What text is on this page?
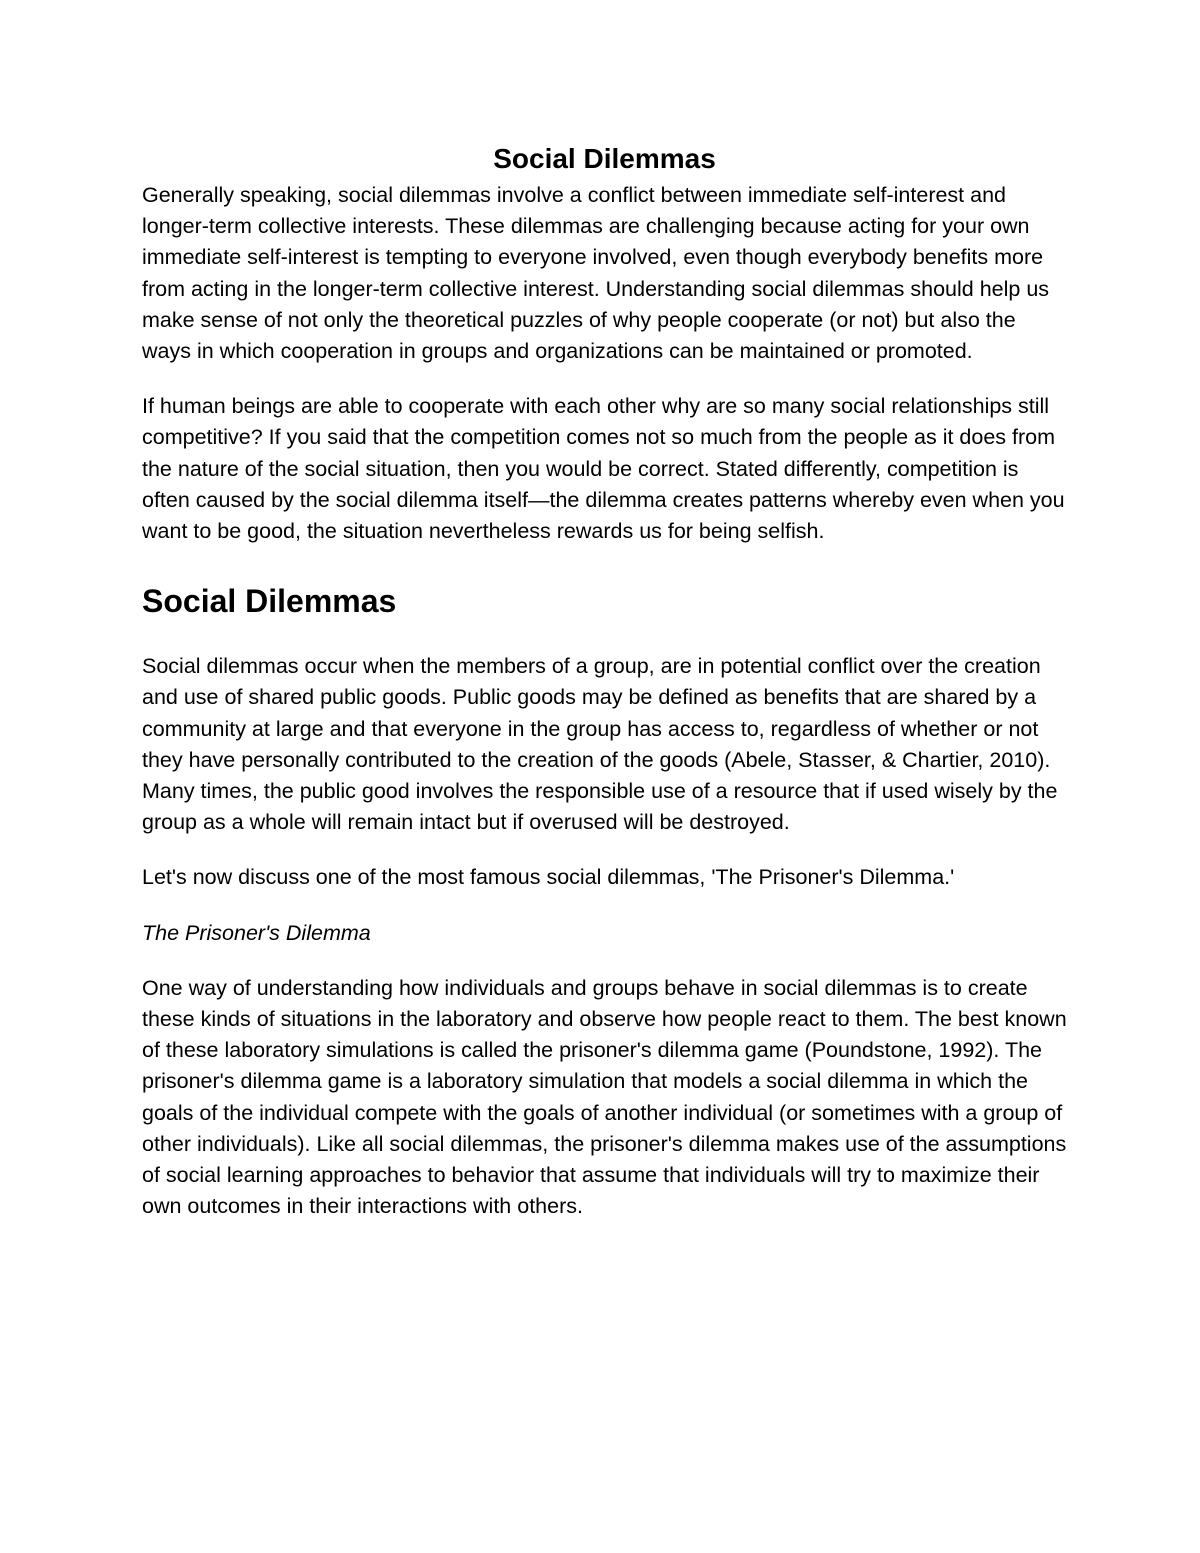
Social Dilemmas

Generally speaking, social dilemmas involve a conflict between immediate self-interest and longer-term collective interests. These dilemmas are challenging because acting for your own immediate self-interest is tempting to everyone involved, even though everybody benefits more from acting in the longer-term collective interest. Understanding social dilemmas should help us make sense of not only the theoretical puzzles of why people cooperate (or not) but also the ways in which cooperation in groups and organizations can be maintained or promoted.

If human beings are able to cooperate with each other why are so many social relationships still competitive? If you said that the competition comes not so much from the people as it does from the nature of the social situation, then you would be correct. Stated differently, competition is often caused by the social dilemma itself—the dilemma creates patterns whereby even when you want to be good, the situation nevertheless rewards us for being selfish.

Social Dilemmas

Social dilemmas occur when the members of a group, are in potential conflict over the creation and use of shared public goods. Public goods may be defined as benefits that are shared by a community at large and that everyone in the group has access to, regardless of whether or not they have personally contributed to the creation of the goods (Abele, Stasser, & Chartier, 2010). Many times, the public good involves the responsible use of a resource that if used wisely by the group as a whole will remain intact but if overused will be destroyed.

Let's now discuss one of the most famous social dilemmas, 'The Prisoner's Dilemma.'

The Prisoner's Dilemma

One way of understanding how individuals and groups behave in social dilemmas is to create these kinds of situations in the laboratory and observe how people react to them. The best known of these laboratory simulations is called the prisoner's dilemma game (Poundstone, 1992). The prisoner's dilemma game is a laboratory simulation that models a social dilemma in which the goals of the individual compete with the goals of another individual (or sometimes with a group of other individuals). Like all social dilemmas, the prisoner's dilemma makes use of the assumptions of social learning approaches to behavior that assume that individuals will try to maximize their own outcomes in their interactions with others.
